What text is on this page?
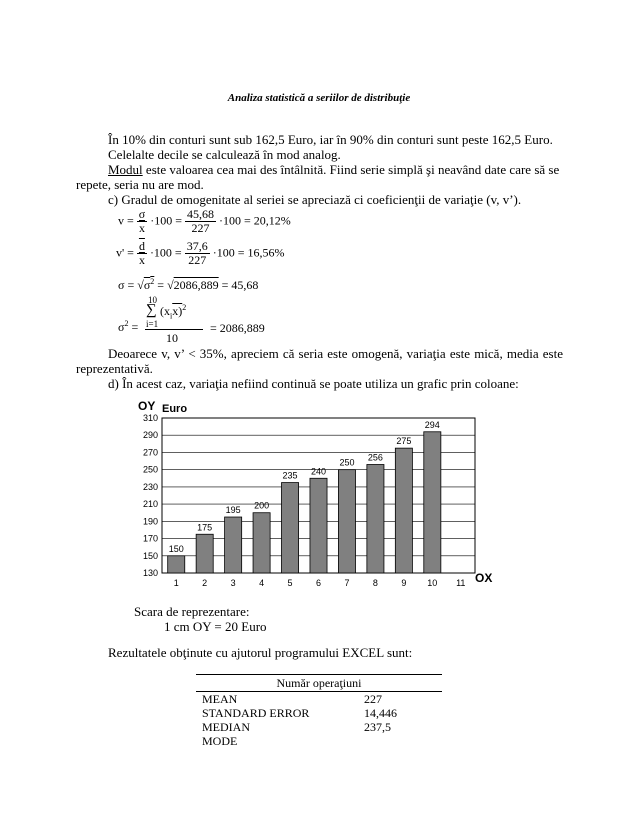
Analiza statistică a seriilor de distribuţie
În 10% din conturi sunt sub 162,5 Euro, iar în 90% din conturi sunt peste 162,5 Euro.
Celelalte decile se calculează în mod analog.
Modul este valoarea cea mai des întâlnită. Fiind serie simplă şi neavând date care să se
repete, seria nu are mod.
c) Gradul de omogenitate al seriei se apreciază ci coeficienţii de variaţie (v, v’).
$v = \frac{\sigma}{x} \cdot 100 = \frac{45,68}{227} \cdot 100 = 20,12\%$
$v' = \frac{\overline{d}}{x} \cdot 100 = \frac{37,6}{227} \cdot 100 = 16,56\%$
$\sigma = √\sigma^2 = √2086,889 = 45,68$
$\sigma^2$ =
10
∑ $(x_ix)^2$
i=1
10
= 2086,889
Deoarece v, v’ < 35%, apreciem că seria este omogenă, variaţia este mică, media este
reprezentativă.
d) În acest caz, variaţia nefiind continuă se poate utiliza un grafic prin coloane:
150
175
195 200
235 240
250
256
275
294
130
150
170
190
210
230
250
270
290
310
1	2	3	4	5	6	7	8	9 10 11
OY Euro
OX
Scara de reprezentare:
1 cm OY = 20 Euro
Rezultatele obţinute cu ajutorul programului EXCEL sunt:
Număr operaţiuni
MEAN	227
STANDARD ERROR	14,446
MEDIAN	237,5
MODE
